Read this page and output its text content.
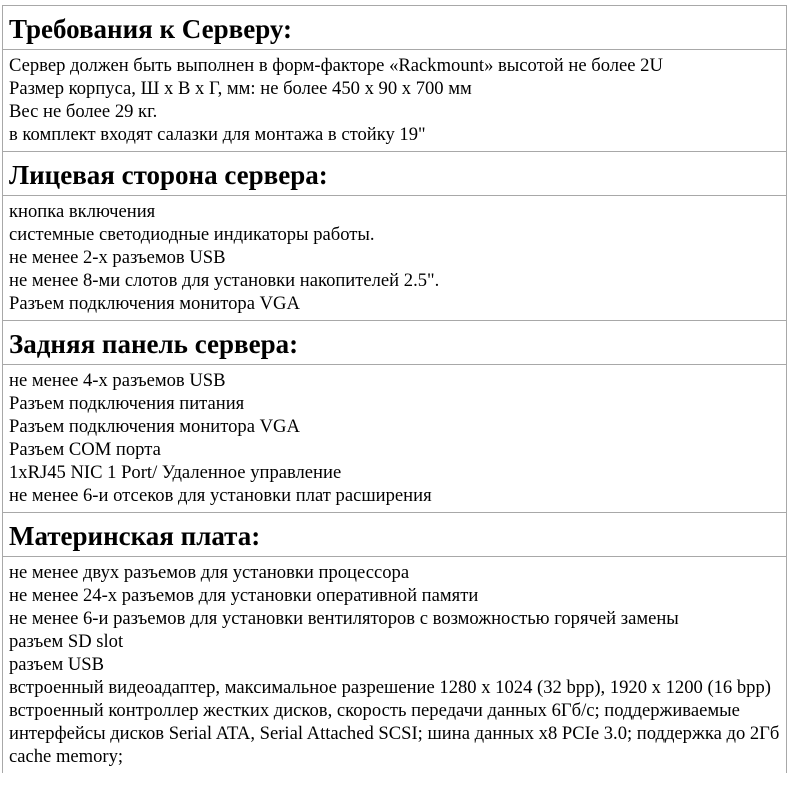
Требования к Серверу:
Сервер должен быть выполнен в форм-факторе «Rackmount» высотой не более 2U
Размер корпуса, Ш х В х Г, мм: не более 450 х 90 х 700 мм
Вес не более 29 кг.
в комплект входят салазки для монтажа в стойку 19"
Лицевая сторона сервера:
кнопка включения
системные светодиодные индикаторы работы.
не менее 2-х разъемов USB
не менее 8-ми слотов для установки накопителей 2.5".
Разъем подключения монитора VGA
Задняя панель сервера:
не менее 4-х разъемов USB
Разъем подключения питания
Разъем подключения монитора VGA
Разъем COM порта
1xRJ45 NIC 1 Port/ Удаленное управление
не менее 6-и отсеков для установки плат расширения
Материнская плата:
не менее двух разъемов для установки процессора
не менее 24-х разъемов для установки оперативной памяти
не менее 6-и разъемов для установки вентиляторов с возможностью горячей замены
разъем SD slot
разъем USB
встроенный видеоадаптер, максимальное разрешение 1280 x 1024 (32 bpp), 1920 x 1200 (16 bpp)
встроенный контроллер жестких дисков, скорость передачи данных 6Гб/с; поддерживаемые интерфейсы дисков Serial ATA, Serial Attached SCSI; шина данных x8 PCIe 3.0; поддержка до 2Гб cache memory;
